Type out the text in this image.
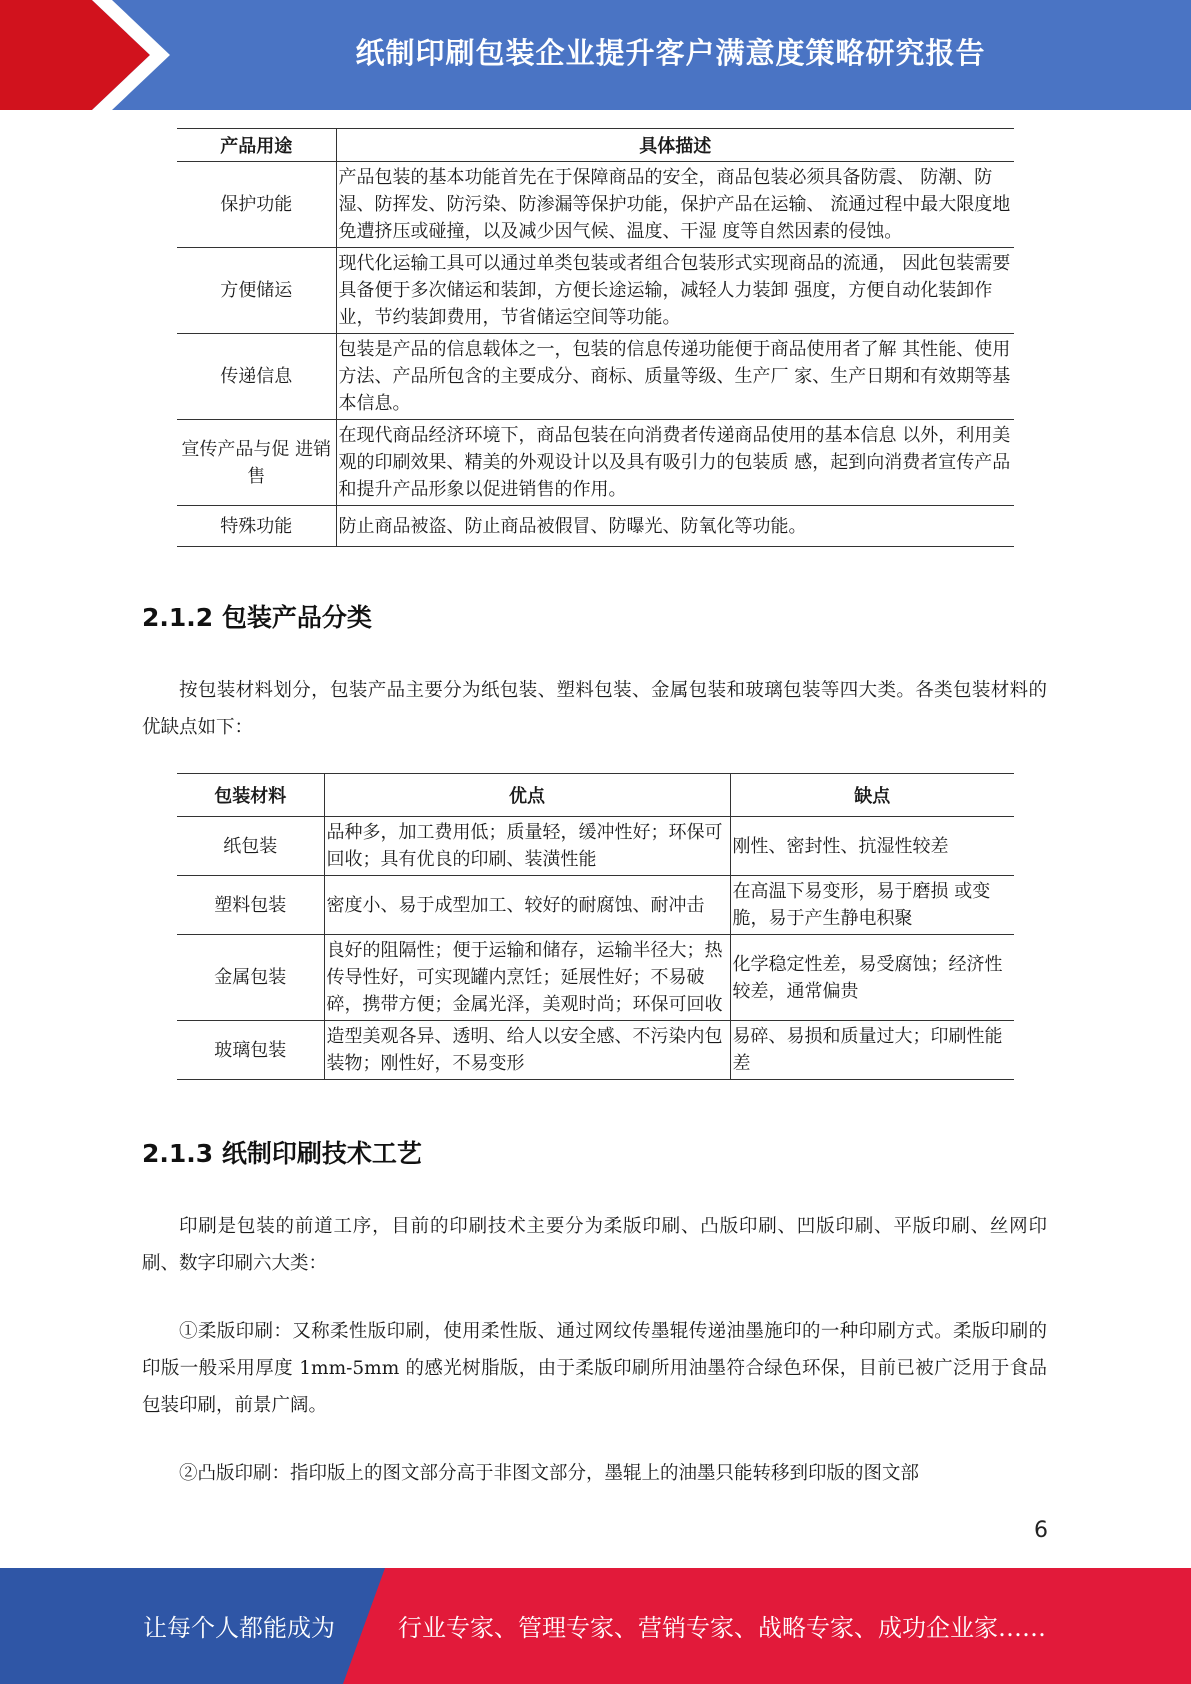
纸制印刷包装企业提升客户满意度策略研究报告
产品用途	具体描述
保护功能	产品包装的基本功能首先在于保障商品的安全，商品包装必须具备防震、 防潮、防湿、防挥发、防污染、防渗漏等保护功能，保护产品在运输、 流通过程中最大限度地免遭挤压或碰撞，以及减少因气候、温度、干湿 度等自然因素的侵蚀。
方便储运	现代化运输工具可以通过单类包装或者组合包装形式实现商品的流通， 因此包装需要具备便于多次储运和装卸，方便长途运输，减轻人力装卸 强度，方便自动化装卸作业，节约装卸费用，节省储运空间等功能。
传递信息	包装是产品的信息载体之一，包装的信息传递功能便于商品使用者了解 其性能、使用方法、产品所包含的主要成分、商标、质量等级、生产厂 家、生产日期和有效期等基本信息。
宣传产品与促 进销售	在现代商品经济环境下，商品包装在向消费者传递商品使用的基本信息 以外，利用美观的印刷效果、精美的外观设计以及具有吸引力的包装质 感，起到向消费者宣传产品和提升产品形象以促进销售的作用。
特殊功能	防止商品被盗、防止商品被假冒、防曝光、防氧化等功能。
2.1.2 包装产品分类

按包装材料划分，包装产品主要分为纸包装、塑料包装、金属包装和玻璃包装等四大类。各类包装材料的优缺点如下：

包装材料	优点	缺点
纸包装	品种多，加工费用低；质量轻，缓冲性好；环保可回收；具有优良的印刷、装潢性能	刚性、密封性、抗湿性较差
塑料包装	密度小、易于成型加工、较好的耐腐蚀、耐冲击	在高温下易变形，易于磨损 或变脆，易于产生静电积聚
金属包装	良好的阻隔性；便于运输和储存，运输半径大；热传导性好，可实现罐内烹饪；延展性好；不易破碎，携带方便；金属光泽，美观时尚；环保可回收	化学稳定性差，易受腐蚀；经济性较差，通常偏贵
玻璃包装	造型美观各异、透明、给人以安全感、不污染内包装物；刚性好，不易变形	易碎、易损和质量过大；印刷性能差
2.1.3 纸制印刷技术工艺

印刷是包装的前道工序，目前的印刷技术主要分为柔版印刷、凸版印刷、凹版印刷、平版印刷、丝网印刷、数字印刷六大类：

①柔版印刷：又称柔性版印刷，使用柔性版、通过网纹传墨辊传递油墨施印的一种印刷方式。柔版印刷的印版一般采用厚度 1mm-5mm 的感光树脂版，由于柔版印刷所用油墨符合绿色环保，目前已被广泛用于食品包装印刷，前景广阔。

②凸版印刷：指印版上的图文部分高于非图文部分，墨辊上的油墨只能转移到印版的图文部

6
让每个人都能成为	行业专家、管理专家、营销专家、战略专家、成功企业家……
